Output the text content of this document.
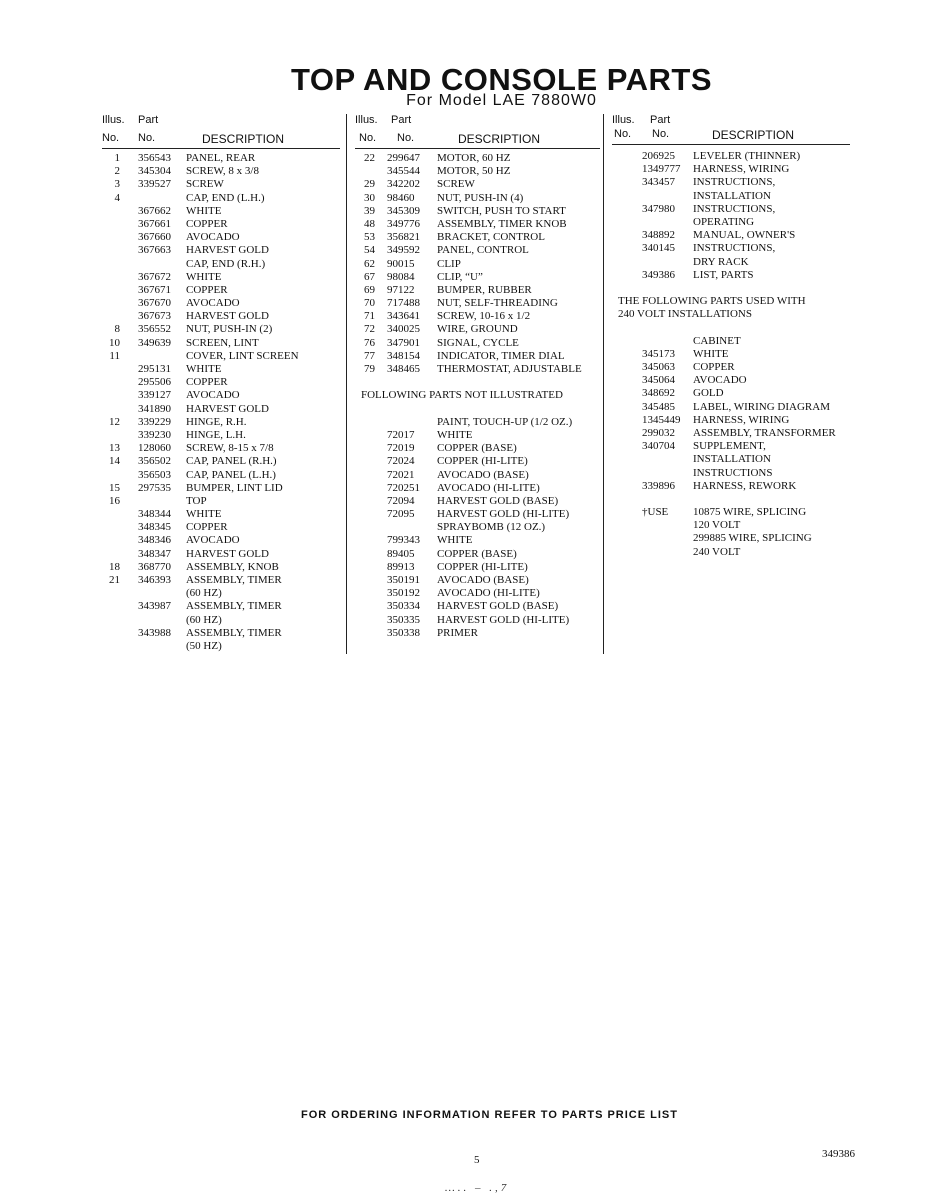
TOP AND CONSOLE PARTS
For Model LAE 7880W0
Illus. Part
No. No.	DESCRIPTION
1 356543 PANEL, REAR
2 345304 SCREW, 8 x 3/8
3 339527 SCREW
4	CAP, END (L.H.)
367662 WHITE
367661 COPPER
367660 AVOCADO
367663 HARVEST GOLD
CAP, END (R.H.)
367672 WHITE
367671 COPPER
367670 AVOCADO
367673 HARVEST GOLD
8 356552 NUT, PUSH-IN (2)
10 349639 SCREEN, LINT
11	COVER, LINT SCREEN
295131 WHITE
295506 COPPER
339127 AVOCADO
341890 HARVEST GOLD
12 339229 HINGE, R.H.
339230 HINGE, L.H.
13 128060 SCREW, 8-15 x 7/8
14 356502 CAP, PANEL (R.H.)
356503 CAP, PANEL (L.H.)
15 297535 BUMPER, LINT LID
16	TOP
348344 WHITE
348345 COPPER
348346 AVOCADO
348347 HARVEST GOLD
18 368770 ASSEMBLY, KNOB
21 346393 ASSEMBLY, TIMER
(60 HZ)
343987 ASSEMBLY, TIMER
(60 HZ)
343988 ASSEMBLY, TIMER
(50 HZ)
Illus. Part
No. No.	DESCRIPTION
22 299647 MOTOR, 60 HZ
345544 MOTOR, 50 HZ
29 342202 SCREW
30 98460 NUT, PUSH-IN (4)
39 345309 SWITCH, PUSH TO START
48 349776 ASSEMBLY, TIMER KNOB
53 356821 BRACKET, CONTROL
54 349592 PANEL, CONTROL
62 90015 CLIP
67 98084 CLIP, “U”
69 97122 BUMPER, RUBBER
70 717488 NUT, SELF-THREADING
71 343641 SCREW, 10-16 x 1/2
72 340025 WIRE, GROUND
76 347901 SIGNAL, CYCLE
77 348154 INDICATOR, TIMER DIAL
79 348465 THERMOSTAT, ADJUSTABLE
FOLLOWING PARTS NOT ILLUSTRATED
PAINT, TOUCH-UP (1/2 OZ.)
72017 WHITE
72019 COPPER (BASE)
72024 COPPER (HI-LITE)
72021 AVOCADO (BASE)
720251 AVOCADO (HI-LITE)
72094 HARVEST GOLD (BASE)
72095 HARVEST GOLD (HI-LITE)
SPRAYBOMB (12 OZ.)
799343 WHITE
89405 COPPER (BASE)
89913 COPPER (HI-LITE)
350191 AVOCADO (BASE)
350192 AVOCADO (HI-LITE)
350334 HARVEST GOLD (BASE)
350335 HARVEST GOLD (HI-LITE)
350338 PRIMER
Illus. Part
No. No.	DESCRIPTION
206925 LEVELER (THINNER)
1349777 HARNESS, WIRING
343457 INSTRUCTIONS,
INSTALLATION
347980 INSTRUCTIONS,
OPERATING
348892 MANUAL, OWNER'S
340145 INSTRUCTIONS,
DRY RACK
349386 LIST, PARTS
THE FOLLOWING PARTS USED WITH
240 VOLT INSTALLATIONS
CABINET
345173 WHITE
345063 COPPER
345064 AVOCADO
348692 GOLD
345485 LABEL, WIRING DIAGRAM
1345449 HARNESS, WIRING
299032 ASSEMBLY, TRANSFORMER
340704 SUPPLEMENT,
INSTALLATION
INSTRUCTIONS
339896 HARNESS, REWORK
†USE 10875 WIRE, SPLICING
120 VOLT
299885 WIRE, SPLICING
240 VOLT
FOR ORDERING INFORMATION REFER TO PARTS PRICE LIST
5	349386
….. – .,7
